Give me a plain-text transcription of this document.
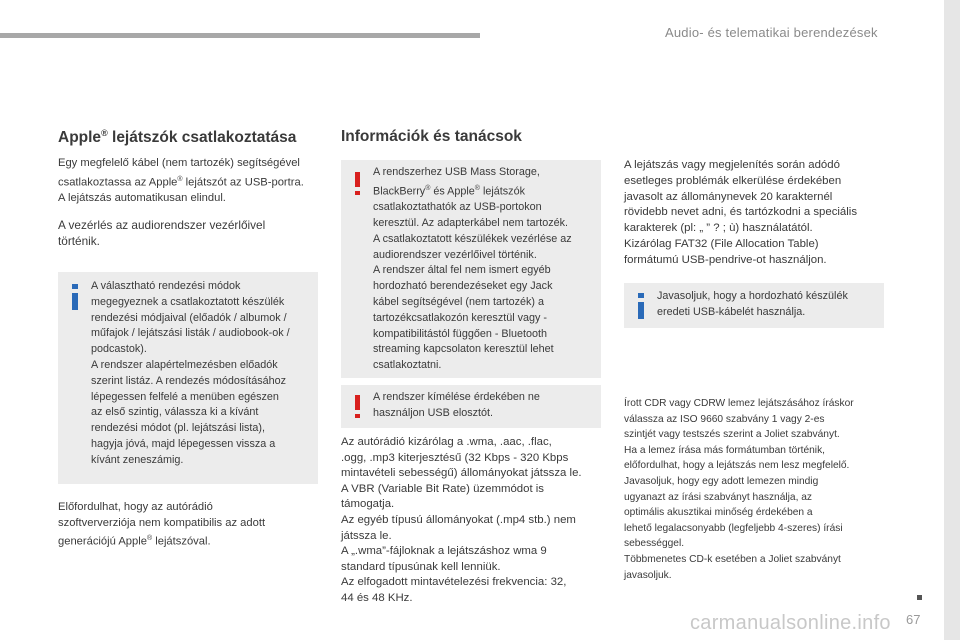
Audio- és telematikai berendezések
Apple® lejátszók csatlakoztatása

Egy megfelelő kábel (nem tartozék) segítségével

csatlakoztassa az Apple® lejátszót az USB-portra.

A lejátszás automatikusan elindul.

A vezérlés az audiorendszer vezérlőivel

történik.

A választható rendezési módok

megegyeznek a csatlakoztatott készülék

rendezési módjaival (előadók / albumok /

műfajok / lejátszási listák / audiobook-ok /

podcastok).

A rendszer alapértelmezésben előadók

szerint listáz. A rendezés módosításához

lépegessen felfelé a menüben egészen

az első szintig, válassza ki a kívánt

rendezési módot (pl. lejátszási lista),

hagyja jóvá, majd lépegessen vissza a

kívánt zeneszámig.

Előfordulhat, hogy az autórádió

szoftververziója nem kompatibilis az adott

generációjú Apple® lejátszóval.

Információk és tanácsok

A rendszerhez USB Mass Storage,

BlackBerry® és Apple® lejátszók

csatlakoztathatók az USB-portokon

keresztül. Az adapterkábel nem tartozék.

A csatlakoztatott készülékek vezérlése az

audiorendszer vezérlőivel történik.

A rendszer által fel nem ismert egyéb

hordozható berendezéseket egy Jack

kábel segítségével (nem tartozék) a

tartozékcsatlakozón keresztül vagy -

kompatibilitástól függően - Bluetooth

streaming kapcsolaton keresztül lehet

csatlakoztatni.

A rendszer kímélése érdekében ne

használjon USB elosztót.

Az autórádió kizárólag a .wma, .aac, .flac,

.ogg, .mp3 kiterjesztésű (32 Kbps - 320 Kbps

mintavételi sebességű) állományokat játssza le.

A VBR (Variable Bit Rate) üzemmódot is

támogatja.

Az egyéb típusú állományokat (.mp4 stb.) nem

játssza le.

A „.wma”-fájloknak a lejátszáshoz wma 9

standard típusúnak kell lenniük.

Az elfogadott mintavételezési frekvencia: 32,

44 és 48 KHz.

A lejátszás vagy megjelenítés során adódó

esetleges problémák elkerülése érdekében

javasolt az állománynevek 20 karakternél

rövidebb nevet adni, és tartózkodni a speciális

karakterek (pl: „ ” ? ; ù) használatától.

Kizárólag FAT32 (File Allocation Table)

formátumú USB-pendrive-ot használjon.

Javasoljuk, hogy a hordozható készülék

eredeti USB-kábelét használja.

Írott CDR vagy CDRW lemez lejátszásához íráskor

válassza az ISO 9660 szabvány 1 vagy 2-es

szintjét vagy testszés szerint a Joliet szabványt.

Ha a lemez írása más formátumban történik,

előfordulhat, hogy a lejátszás nem lesz megfelelő.

Javasoljuk, hogy egy adott lemezen mindig

ugyanazt az írási szabványt használja, az

optimális akusztikai minőség érdekében a

lehető legalacsonyabb (legfeljebb 4-szeres) írási

sebességgel.

Többmenetes CD-k esetében a Joliet szabványt

javasoljuk.

67
carmanualsonline.info
